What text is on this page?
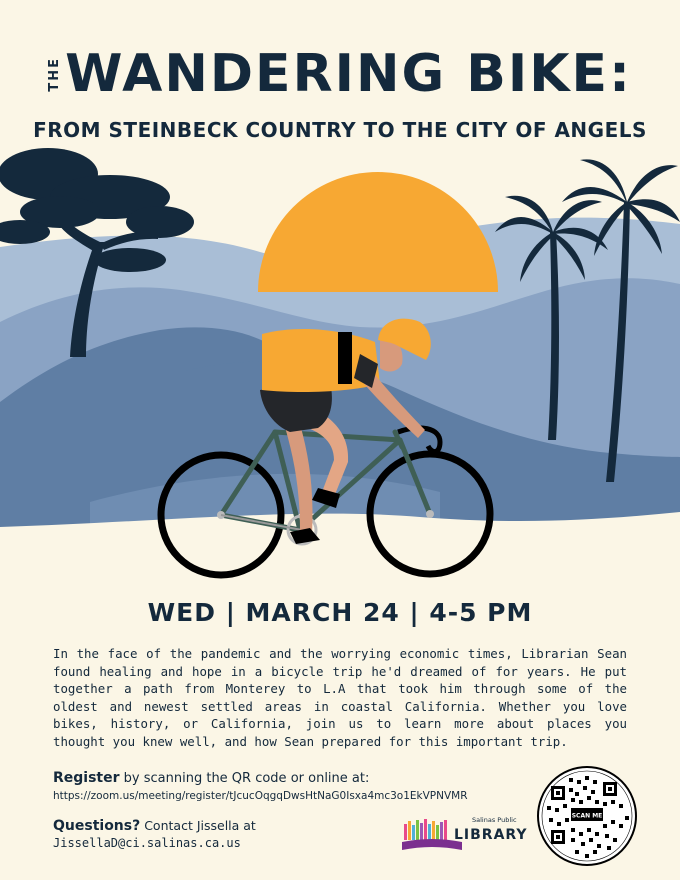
THE WANDERING BIKE:
FROM STEINBECK COUNTRY TO THE CITY OF ANGELS
WED | MARCH 24 | 4-5 PM

In the face of the pandemic and the worrying economic times, Librarian Sean found healing and hope in a bicycle trip he'd dreamed of for years. He put together a path from Monterey to L.A that took him through some of the oldest and newest settled areas in coastal California. Whether you love bikes, history, or California, join us to learn more about places you thought you knew well, and how Sean prepared for this important trip.

Register by scanning the QR code or online at:
https://zoom.us/meeting/register/tJcucOqgqDwsHtNaG0Isxa4mc3o1EkVPNVMR
Questions? Contact Jissella at
JissellaD@ci.salinas.ca.us
Salinas Public
LIBRARY
SCAN ME
